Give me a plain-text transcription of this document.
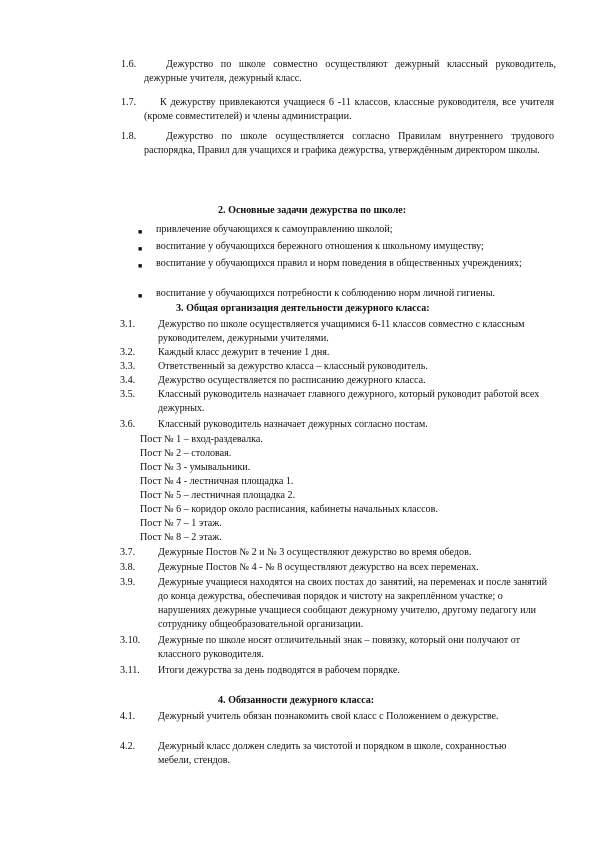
1.6.	Дежурство по школе совместно осуществляют дежурный классный руководитель, дежурные учителя, дежурный класс.
1.7.	К дежурству привлекаются учащиеся 6 -11 классов, классные руководителя, все учителя (кроме совместителей) и члены администрации.
1.8.	Дежурство по школе осуществляется согласно Правилам внутреннего трудового распорядка, Правил для учащихся и графика дежурства, утверждённым директором школы.
2. Основные задачи дежурства по школе:
■ привлечение обучающихся к самоуправлению школой;
■ воспитание у обучающихся бережного отношения к школьному имуществу;
■ воспитание у обучающихся правил и норм поведения в общественных учреждениях;
■ воспитание у обучающихся потребности к соблюдению норм личной гигиены.
3. Общая организация деятельности дежурного класса:
3.1. Дежурство по школе осуществляется учащимися 6-11 классов совместно с классным руководителем, дежурными учителями.
3.2. Каждый класс дежурит в течение 1 дня.
3.3. Ответственный за дежурство класса – классный руководитель.
3.4. Дежурство осуществляется по расписанию дежурного класса.
3.5. Классный руководитель назначает главного дежурного, который руководит работой всех дежурных.
3.6. Классный руководитель назначает дежурных согласно постам.
Пост № 1 – вход-раздевалка.
Пост № 2 – столовая.
Пост № 3 - умывальники.
Пост № 4 - лестничная площадка 1.
Пост № 5 – лестничная площадка 2.
Пост № 6 – коридор около расписания, кабинеты начальных классов.
Пост № 7 – 1 этаж.
Пост № 8 – 2 этаж.
3.7. Дежурные Постов № 2 и № 3 осуществляют дежурство во время обедов.
3.8. Дежурные Постов № 4 - № 8 осуществляют дежурство на всех переменах.
3.9. Дежурные учащиеся находятся на своих постах до занятий, на переменах и после занятий до конца дежурства, обеспечивая порядок и чистоту на закреплённом участке; о нарушениях дежурные учащиеся сообщают дежурному учителю, другому педагогу или сотруднику общеобразовательной организации.
3.10. Дежурные по школе носят отличительный знак – повязку, который они получают от классного руководителя.
3.11. Итоги дежурства за день подводятся в рабочем порядке.
4. Обязанности дежурного класса:
4.1. Дежурный учитель обязан познакомить свой класс с Положением о дежурстве.
4.2. Дежурный класс должен следить за чистотой и порядком в школе, сохранностью мебели, стендов.
